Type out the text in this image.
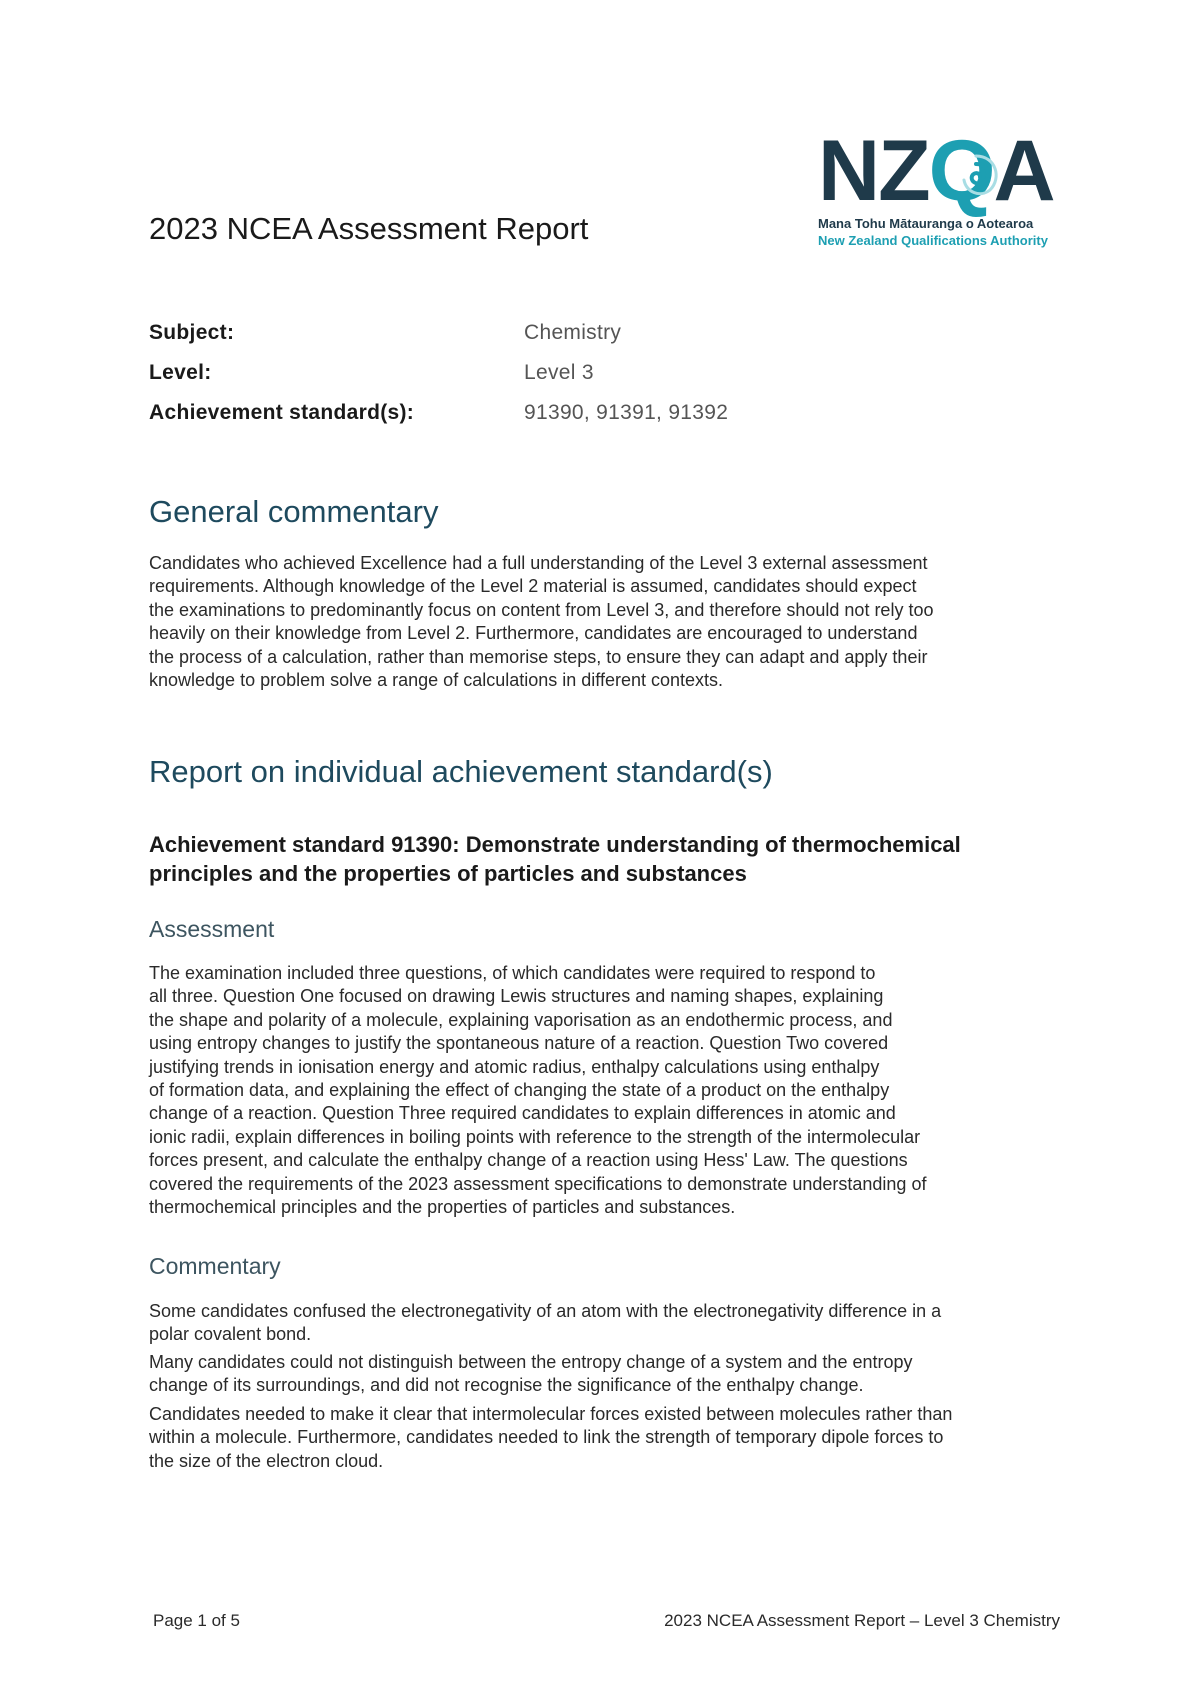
2023 NCEA Assessment Report
NZQA
Mana Tohu Mātauranga o Aotearoa
New Zealand Qualifications Authority
Subject:	Chemistry
Level:	Level 3
Achievement standard(s):	91390, 91391, 91392
General commentary
Candidates who achieved Excellence had a full understanding of the Level 3 external assessment
requirements. Although knowledge of the Level 2 material is assumed, candidates should expect
the examinations to predominantly focus on content from Level 3, and therefore should not rely too
heavily on their knowledge from Level 2. Furthermore, candidates are encouraged to understand
the process of a calculation, rather than memorise steps, to ensure they can adapt and apply their
knowledge to problem solve a range of calculations in different contexts.
Report on individual achievement standard(s)
Achievement standard 91390: Demonstrate understanding of thermochemical
principles and the properties of particles and substances
Assessment
The examination included three questions, of which candidates were required to respond to
all three. Question One focused on drawing Lewis structures and naming shapes, explaining
the shape and polarity of a molecule, explaining vaporisation as an endothermic process, and
using entropy changes to justify the spontaneous nature of a reaction. Question Two covered
justifying trends in ionisation energy and atomic radius, enthalpy calculations using enthalpy
of formation data, and explaining the effect of changing the state of a product on the enthalpy
change of a reaction. Question Three required candidates to explain differences in atomic and
ionic radii, explain differences in boiling points with reference to the strength of the intermolecular
forces present, and calculate the enthalpy change of a reaction using Hess' Law. The questions
covered the requirements of the 2023 assessment specifications to demonstrate understanding of
thermochemical principles and the properties of particles and substances.
Commentary
Some candidates confused the electronegativity of an atom with the electronegativity difference in a
polar covalent bond.
Many candidates could not distinguish between the entropy change of a system and the entropy
change of its surroundings, and did not recognise the significance of the enthalpy change.
Candidates needed to make it clear that intermolecular forces existed between molecules rather than
within a molecule. Furthermore, candidates needed to link the strength of temporary dipole forces to
the size of the electron cloud.
Page 1 of 5	2023 NCEA Assessment Report – Level 3 Chemistry
